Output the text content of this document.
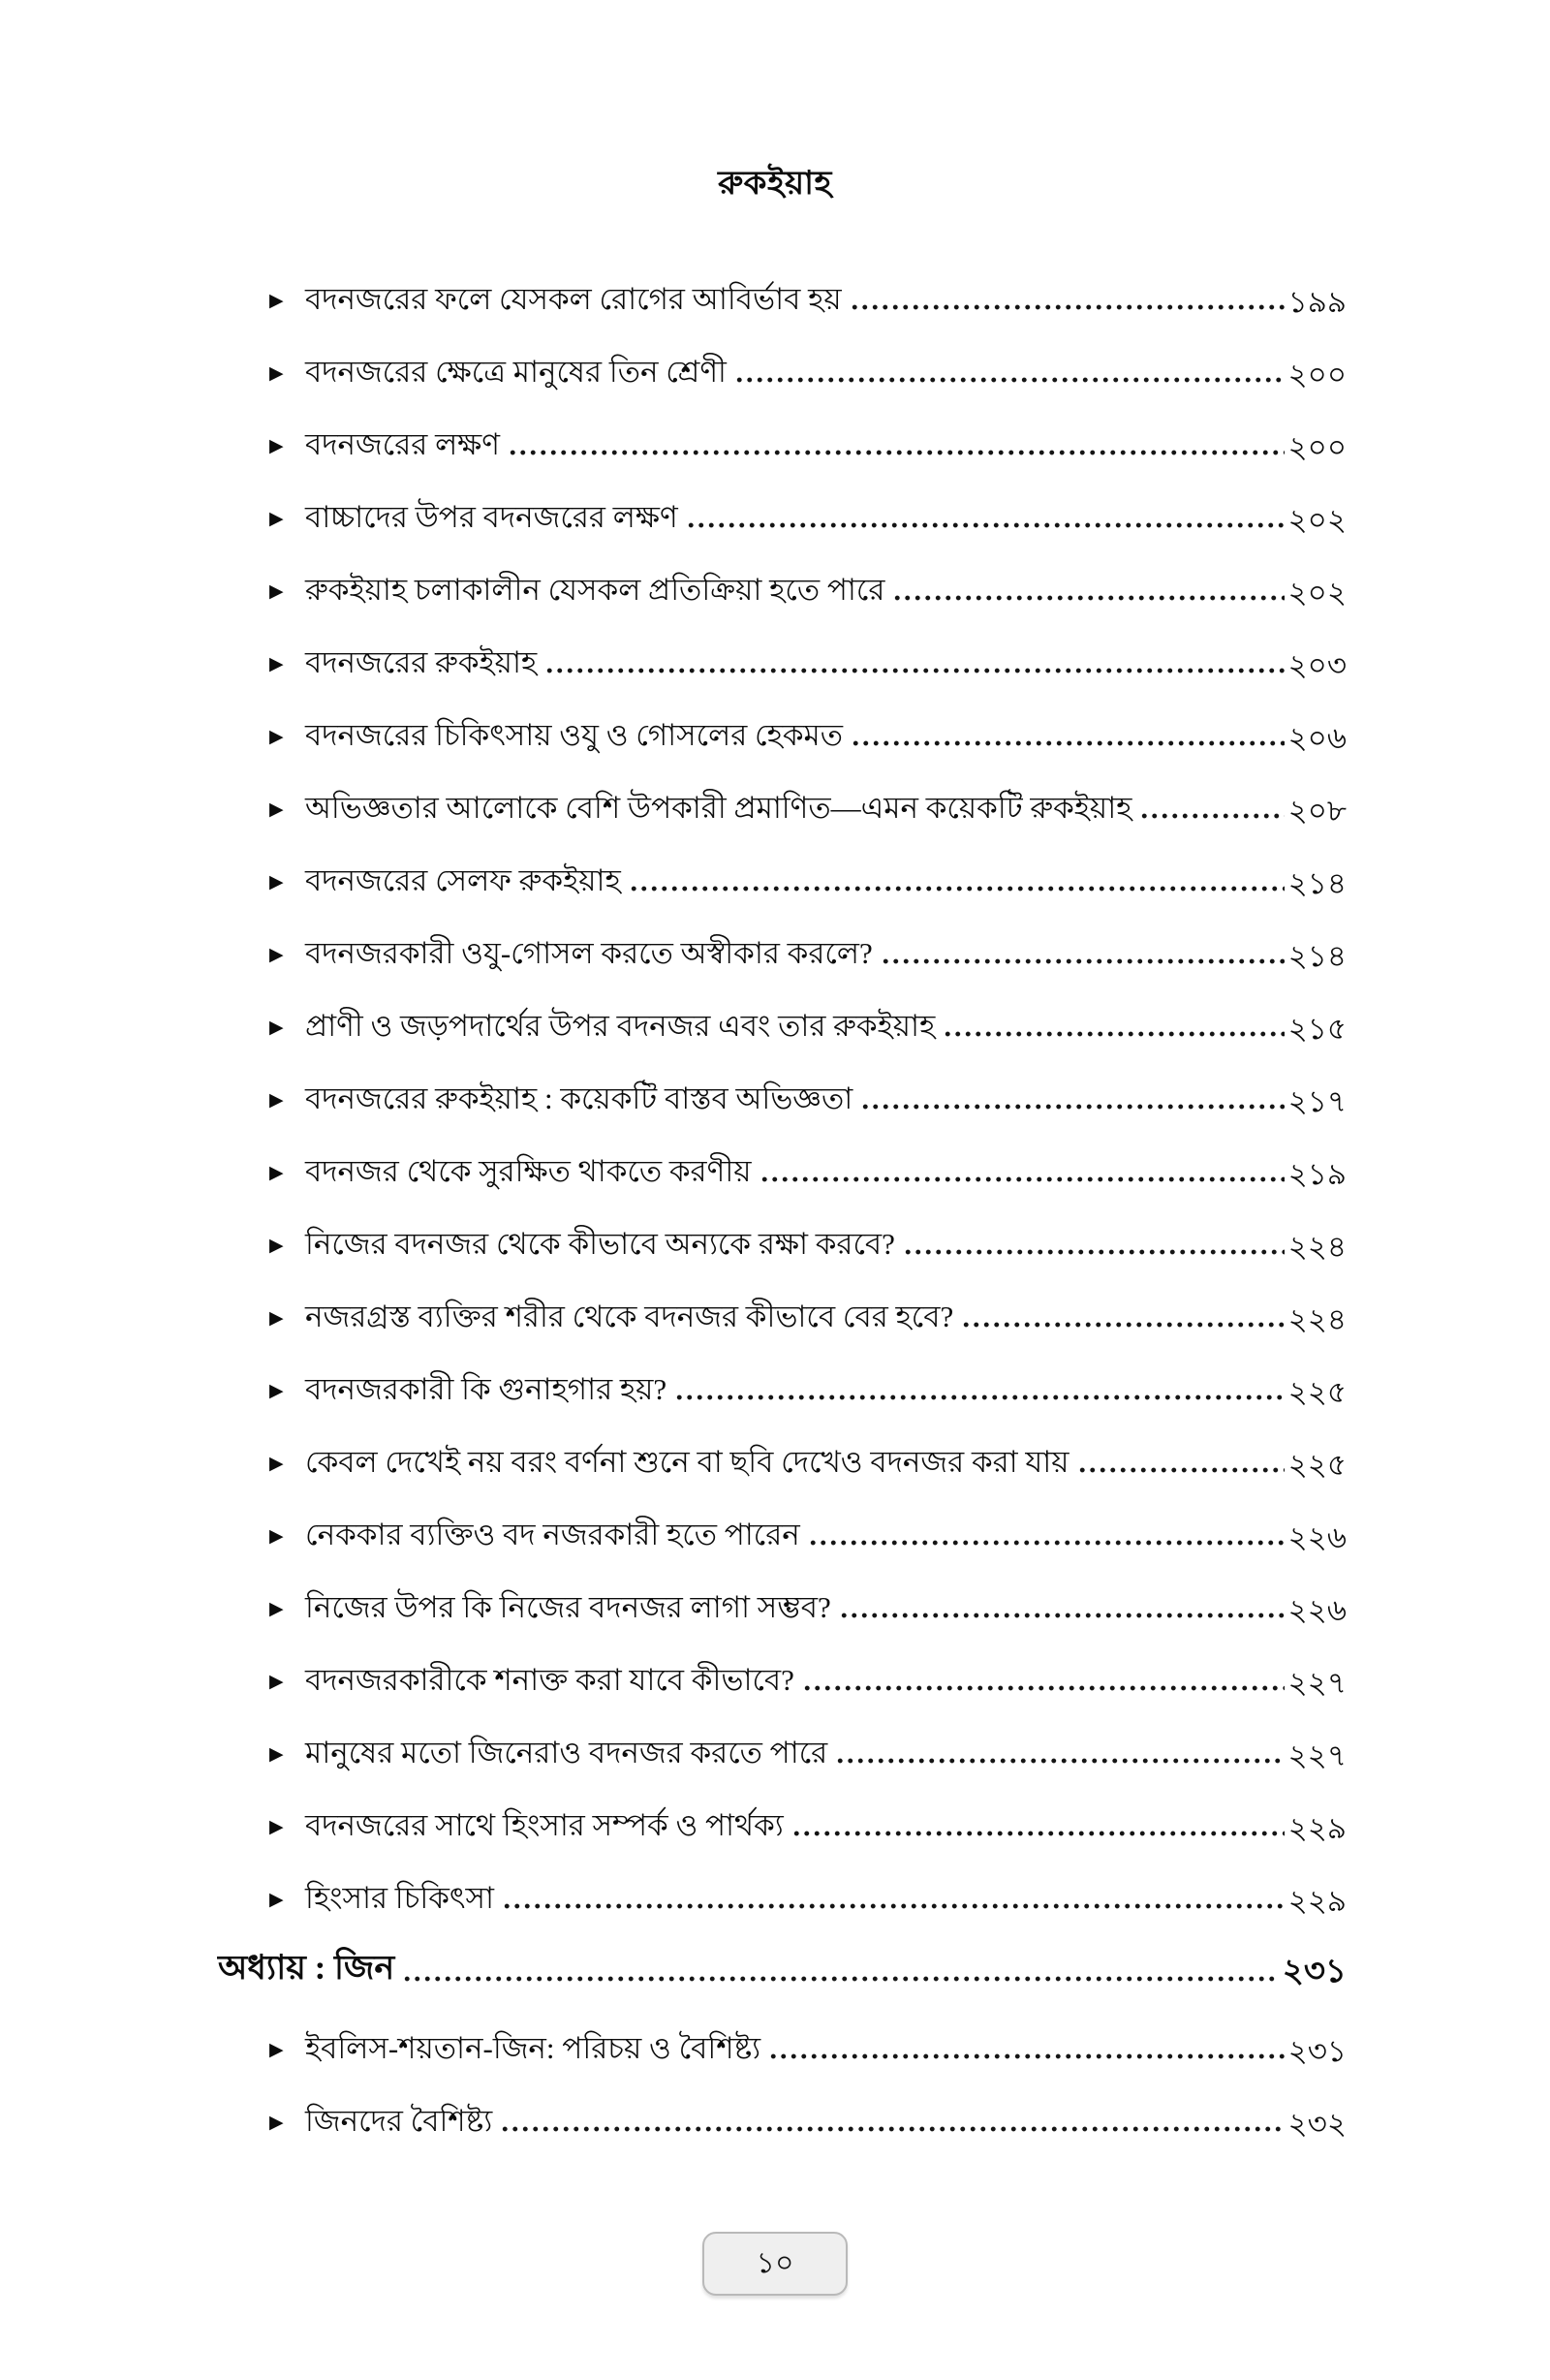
রুকইয়াহ
▶ বদনজরের ফলে যেসকল রোগের আবির্ভাব হয়	১৯৯
▶ বদনজরের ক্ষেত্রে মানুষের তিন শ্রেণী	২০০
▶ বদনজরের লক্ষণ	২০০
▶ বাচ্চাদের উপর বদনজরের লক্ষণ	২০২
▶ রুকইয়াহ চলাকালীন যেসকল প্রতিক্রিয়া হতে পারে	২০২
▶ বদনজরের রুকইয়াহ	২০৩
▶ বদনজরের চিকিৎসায় ওযু ও গোসলের হেকমত	২০৬
▶ অভিজ্ঞতার আলোকে বেশি উপকারী প্রমাণিত—এমন কয়েকটি রুকইয়াহ	২০৮
▶ বদনজরের সেলফ রুকইয়াহ	২১৪
▶ বদনজরকারী ওযু-গোসল করতে অস্বীকার করলে?	২১৪
▶ প্রাণী ও জড়পদার্থের উপর বদনজর এবং তার রুকইয়াহ	২১৫
▶ বদনজরের রুকইয়াহ : কয়েকটি বাস্তব অভিজ্ঞতা	২১৭
▶ বদনজর থেকে সুরক্ষিত থাকতে করণীয়	২১৯
▶ নিজের বদনজর থেকে কীভাবে অন্যকে রক্ষা করবে?	২২৪
▶ নজরগ্রস্ত ব্যক্তির শরীর থেকে বদনজর কীভাবে বের হবে?	২২৪
▶ বদনজরকারী কি গুনাহগার হয়?	২২৫
▶ কেবল দেখেই নয় বরং বর্ণনা শুনে বা ছবি দেখেও বদনজর করা যায়	২২৫
▶ নেককার ব্যক্তিও বদ নজরকারী হতে পারেন	২২৬
▶ নিজের উপর কি নিজের বদনজর লাগা সম্ভব?	২২৬
▶ বদনজরকারীকে শনাক্ত করা যাবে কীভাবে?	২২৭
▶ মানুষের মতো জিনেরাও বদনজর করতে পারে	২২৭
▶ বদনজরের সাথে হিংসার সম্পর্ক ও পার্থক্য	২২৯
▶ হিংসার চিকিৎসা	২২৯
অধ্যায় : জিন	২৩১
▶ ইবলিস-শয়তান-জিন: পরিচয় ও বৈশিষ্ট্য	২৩১
▶ জিনদের বৈশিষ্ট্য	২৩২
১০
